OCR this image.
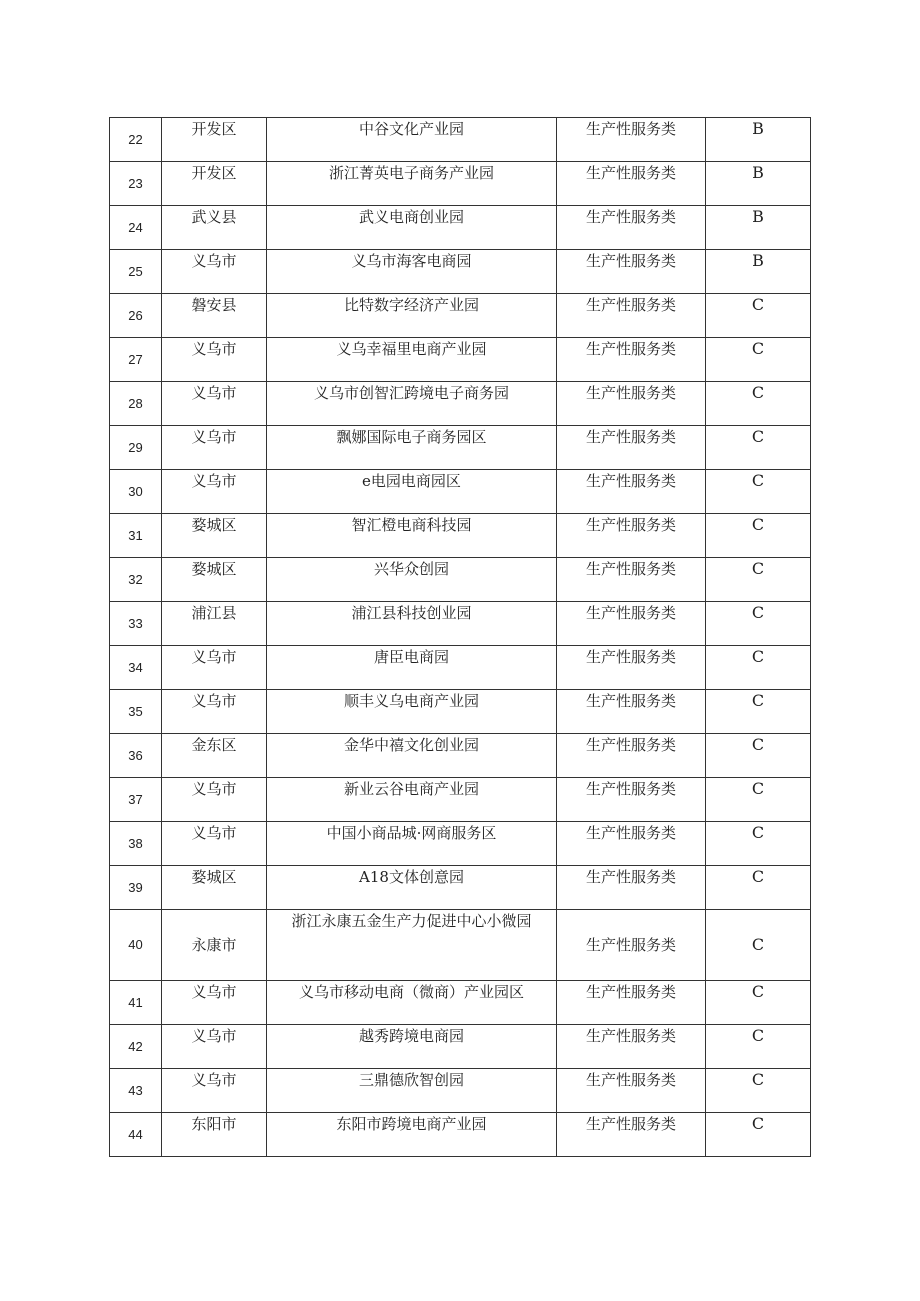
22	开发区	中谷文化产业园	生产性服务类	B

23	开发区	浙江菁英电子商务产业园	生产性服务类	B

24	武义县	武义电商创业园	生产性服务类	B

25	义乌市	义乌市海客电商园	生产性服务类	B

26	磐安县	比特数字经济产业园	生产性服务类	C

27	义乌市	义乌幸福里电商产业园	生产性服务类	C

28	义乌市	义乌市创智汇跨境电子商务园	生产性服务类	C

29	义乌市	飘娜国际电子商务园区	生产性服务类	C

30	义乌市	e电园电商园区	生产性服务类	C

31	婺城区	智汇橙电商科技园	生产性服务类	C

32	婺城区	兴华众创园	生产性服务类	C

33	浦江县	浦江县科技创业园	生产性服务类	C

34	义乌市	唐臣电商园	生产性服务类	C

35	义乌市	顺丰义乌电商产业园	生产性服务类	C

36	金东区	金华中禧文化创业园	生产性服务类	C

37	义乌市	新业云谷电商产业园	生产性服务类	C

38	义乌市	中国小商品城·网商服务区	生产性服务类	C

39	婺城区	A18文体创意园	生产性服务类	C

40	永康市	浙江永康五金生产力促进中心小微园	生产性服务类	C

41	义乌市	义乌市移动电商（微商）产业园区	生产性服务类	C

42	义乌市	越秀跨境电商园	生产性服务类	C

43	义乌市	三鼎德欣智创园	生产性服务类	C

44	东阳市	东阳市跨境电商产业园	生产性服务类	C
